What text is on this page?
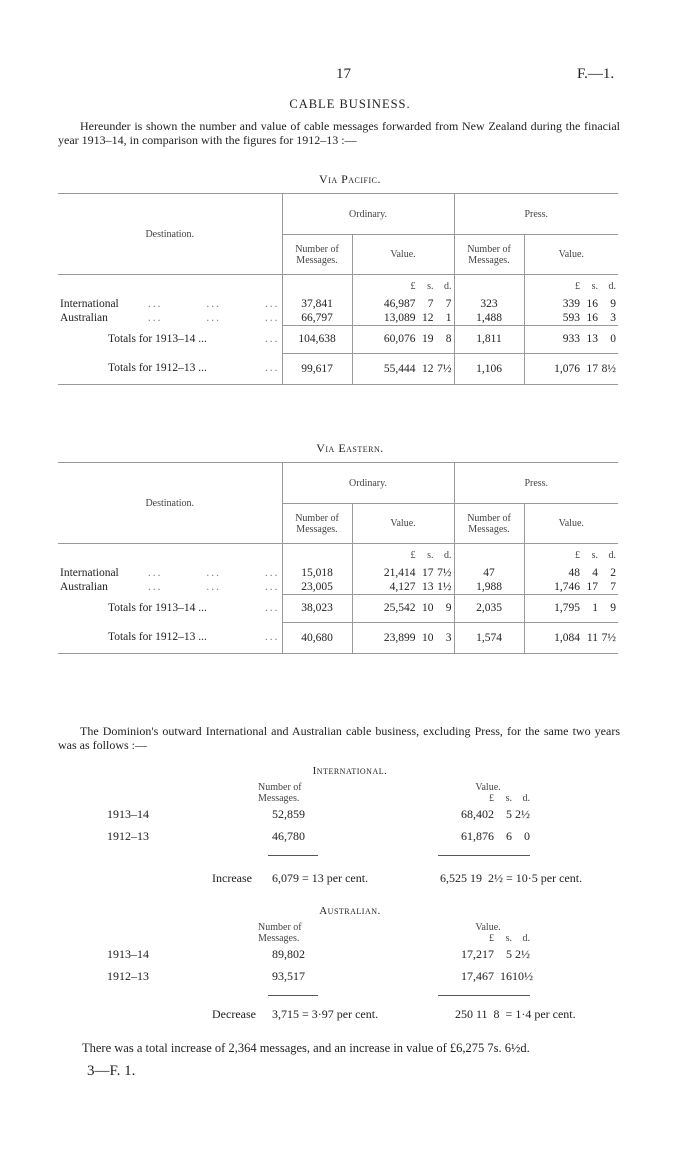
17	F.—1.
CABLE BUSINESS.
Hereunder is shown the number and value of cable messages forwarded from New Zealand during the finacial year 1913–14, in comparison with the figures for 1912–13 :—
Via Pacific.
Destination.	Ordinary.		Press.	
	Number of Messages.	Value.	Number of Messages.	Value.
		£ s. d.		£ s. d.
International ...         ...         ...	37,841	46,987 7 7	323	339 16 9
Australian ...         ...         ...	66,797	13,089 12 1	1,488	593 16 3
Totals for 1913–14 ... ...	104,638	60,076 19 8	1,811	933 13 0
Totals for 1912–13 ... ...	99,617	55,444 12 7½	1,106	1,076 17 8½
Via Eastern.
Destination.	Ordinary.		Press.	
	Number of Messages.	Value.	Number of Messages.	Value.
		£ s. d.		£ s. d.
International ...         ...         ...	15,018	21,414 17 7½	47	48 4 2
Australian ...         ...         ...	23,005	4,127 13 1½	1,988	1,746 17 7
Totals for 1913–14 ... ...	38,023	25,542 10 9	2,035	1,795 1 9
Totals for 1912–13 ... ...	40,680	23,899 10 3	1,574	1,084 11 7½
The Dominion's outward International and Australian cable business, excluding Press, for the same two years was as follows :—
International.
Number of Messages.
Value.
£ s. d.
1913–14	52,859	68,402 5 2½
1912–13	46,780	61,876 6 0
Increase 6,079 = 13 per cent.	6,525 19  2½ = 10·5 per cent.
Australian.
Number of Messages.
Value.
£ s. d.
1913–14	89,802	17,217 5 2½
1912–13	93,517	17,467 1610½
Decrease 3,715 = 3·97 per cent.	250 11  8  = 1·4 per cent.
There was a total increase of 2,364 messages, and an increase in value of £6,275 7s. 6½d.
3—F. 1.
